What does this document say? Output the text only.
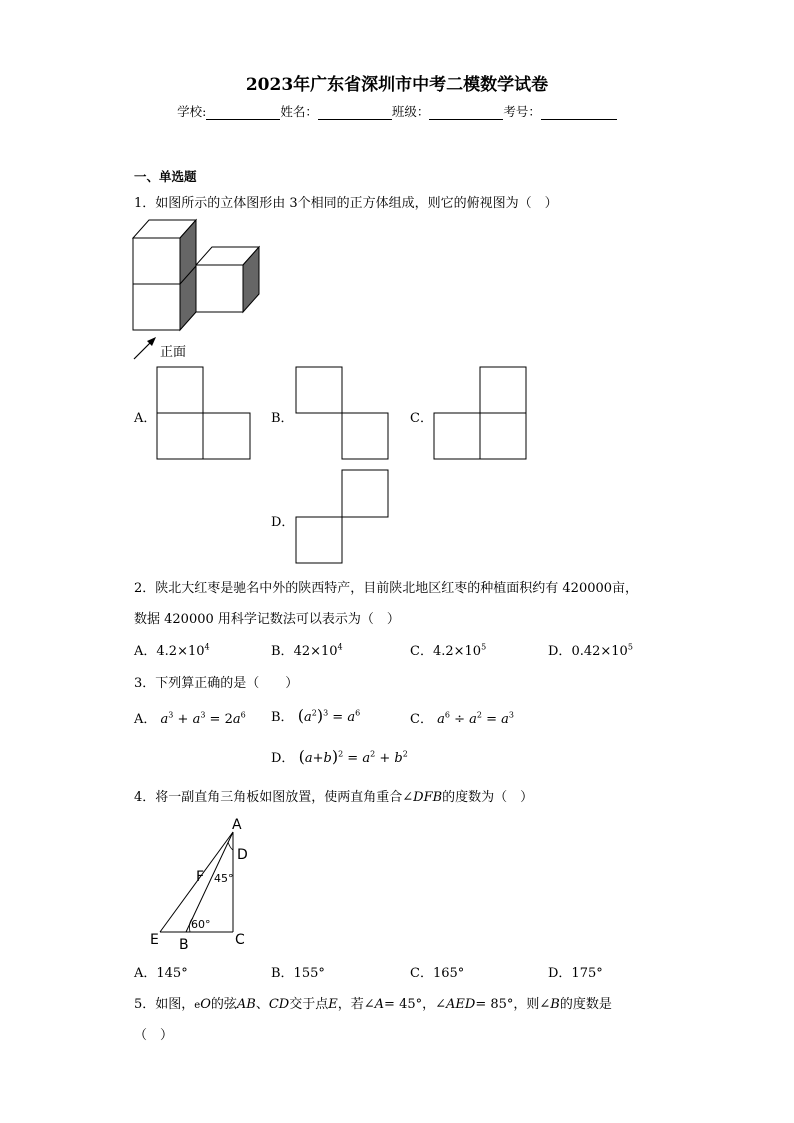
2023年广东省深圳市中考二模数学试卷
学校:	姓名：	班级：	考号：
一、单选题
1．如图所示的立体图形由 3个相同的正方体组成，则它的俯视图为（　）
正面
A．	B．	C．
D．
2．陕北大红枣是驰名中外的陕西特产，目前陕北地区红枣的种植面积约有 420000亩，
数据 420000 用科学记数法可以表示为（　）
A．$4.2\times 10^4$	B．$42\times 10^4$	C．$4.2\times 10^5$	D．$0.42\times 10^5$
3．下列算正确的是（　　）
A． $a^3 + a^3 = 2a^6$ B． $(a^2)^3 = a^6$	C． $a^6 \div a^2 = a^3$
D． $(a+b)^2 = a^2 + b^2$
4．将一副直角三角板如图放置，使两直角重合∠DFB的度数为（　）
A
D
F 45°
60°
E B	C
A．145°	B．155°	C．165°	D．175°
5．如图，eO的弦AB、CD交于点E，若∠A= 45°，∠AED= 85°，则∠B的度数是
（　）
